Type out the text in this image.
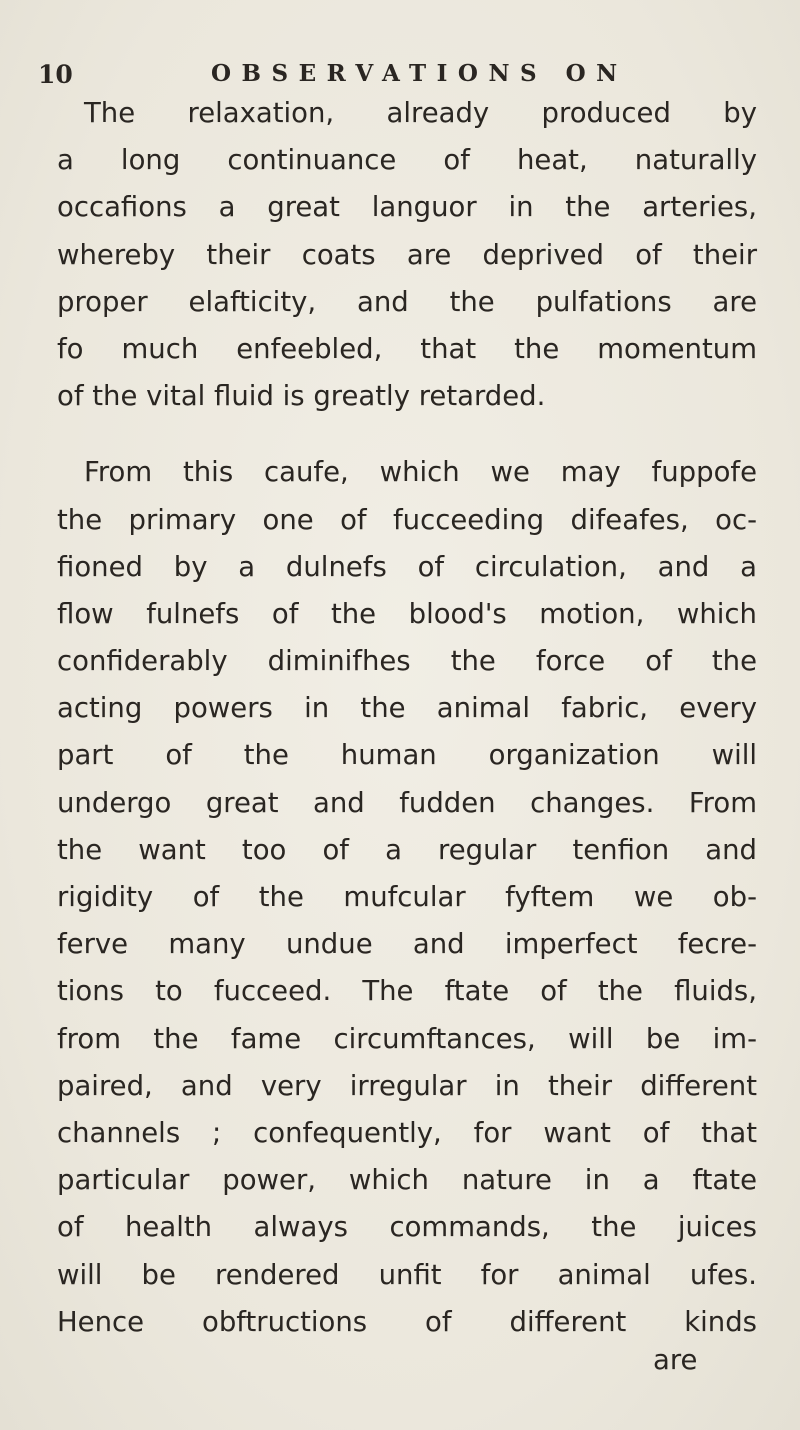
10	OBSERVATIONS ON
The relaxation, already produced by
a long continuance of heat, naturally
occafions a great languor in the arteries,
whereby their coats are deprived of their
proper elafticity, and the pulfations are
fo much enfeebled, that the momentum
of the vital fluid is greatly retarded.
From this caufe, which we may fuppofe
the primary one of fucceeding difeafes, oc-
fioned by a dulnefs of circulation, and a
flow fulnefs of the blood's motion, which
confiderably diminifhes the force of the
acting powers in the animal fabric, every
part of the human organization will
undergo great and fudden changes. From
the want too of a regular tenfion and
rigidity of the mufcular fyftem we ob-
ferve many undue and imperfect fecre-
tions to fucceed. The ftate of the fluids,
from the fame circumftances, will be im-
paired, and very irregular in their different
channels ; confequently, for want of that
particular power, which nature in a ftate
of health always commands, the juices
will be rendered unfit for animal ufes.
Hence obftructions of different kinds
are
